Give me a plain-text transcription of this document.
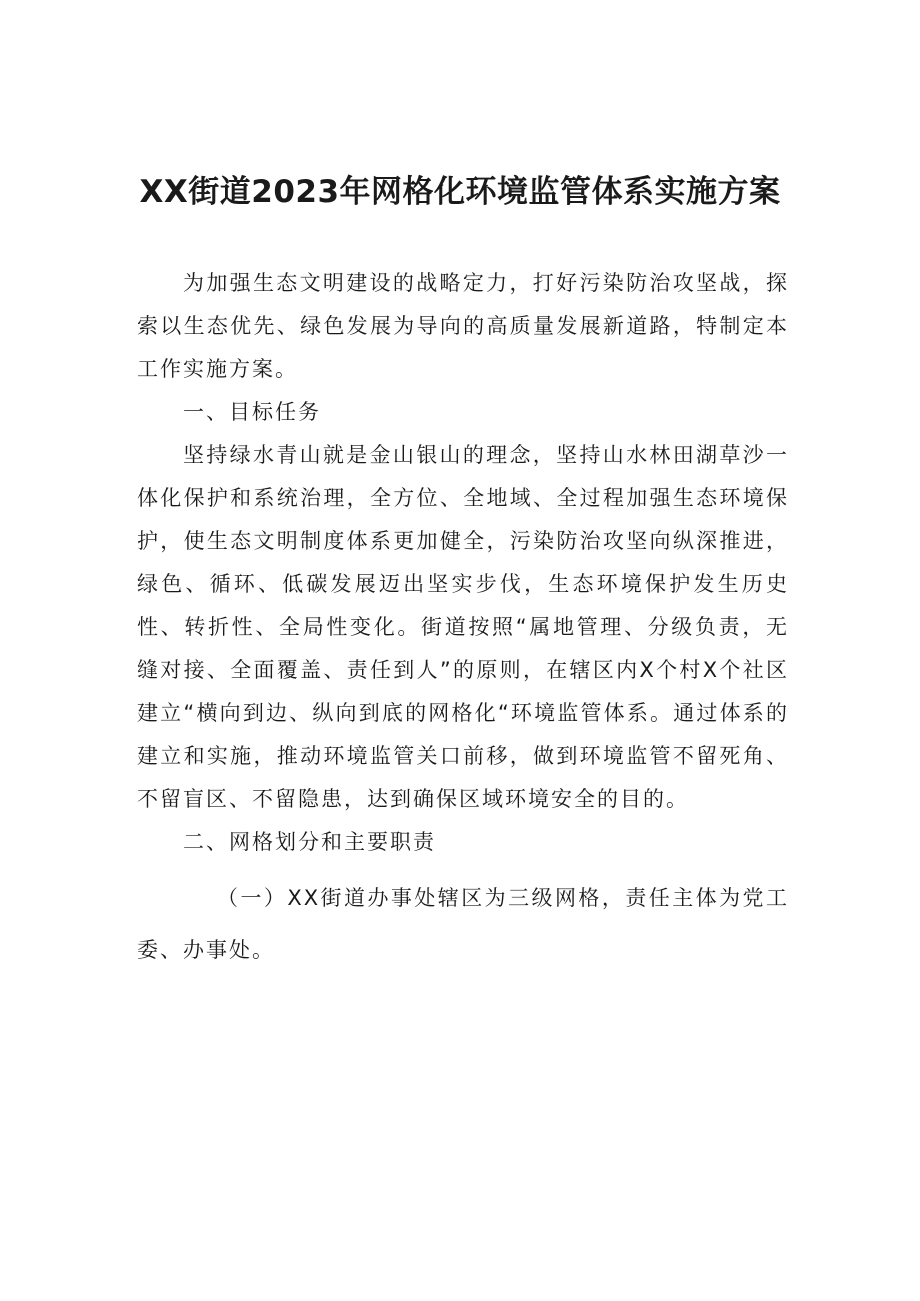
XX街道2023年网格化环境监管体系实施方案

为加强生态文明建设的战略定力，打好污染防治攻坚战，探索以生态优先、绿色发展为导向的高质量发展新道路，特制定本工作实施方案。

一、目标任务

坚持绿水青山就是金山银山的理念，坚持山水林田湖草沙一体化保护和系统治理，全方位、全地域、全过程加强生态环境保护，使生态文明制度体系更加健全，污染防治攻坚向纵深推进，绿色、循环、低碳发展迈出坚实步伐，生态环境保护发生历史性、转折性、全局性变化。街道按照“属地管理、分级负责，无缝对接、全面覆盖、责任到人”的原则，在辖区内X个村X个社区建立“横向到边、纵向到底的网格化“环境监管体系。通过体系的建立和实施，推动环境监管关口前移，做到环境监管不留死角、不留盲区、不留隐患，达到确保区域环境安全的目的。

二、网格划分和主要职责

（一）XX街道办事处辖区为三级网格，责任主体为党工委、办事处。
